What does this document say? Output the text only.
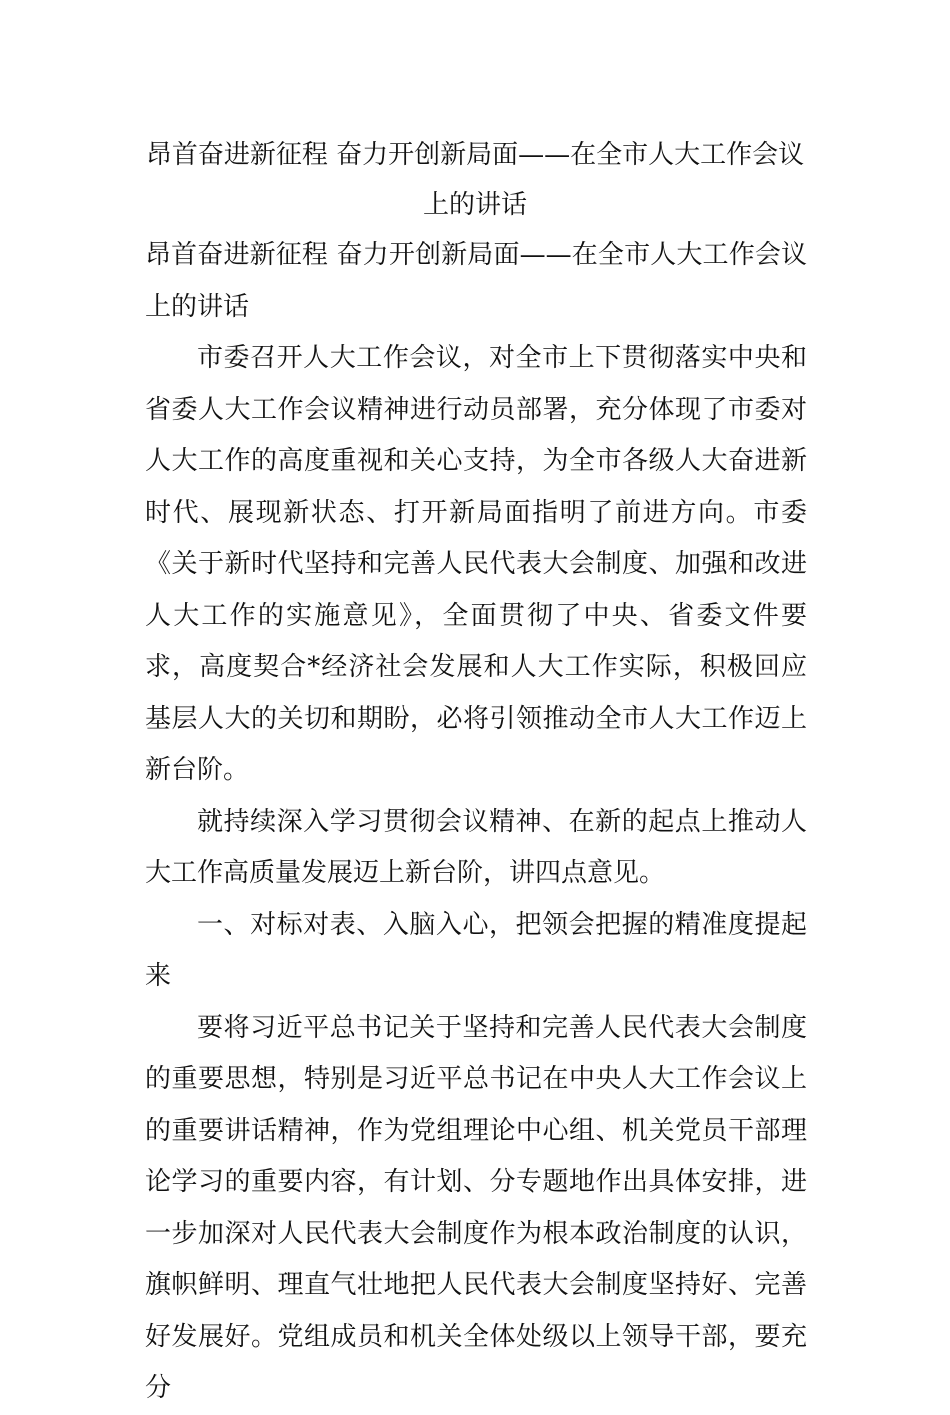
昂首奋进新征程 奋力开创新局面——在全市人大工作会议上的讲话

昂首奋进新征程 奋力开创新局面——在全市人大工作会议上的讲话

市委召开人大工作会议，对全市上下贯彻落实中央和省委人大工作会议精神进行动员部署，充分体现了市委对人大工作的高度重视和关心支持，为全市各级人大奋进新时代、展现新状态、打开新局面指明了前进方向。市委《关于新时代坚持和完善人民代表大会制度、加强和改进人大工作的实施意见》，全面贯彻了中央、省委文件要求，高度契合*经济社会发展和人大工作实际，积极回应基层人大的关切和期盼，必将引领推动全市人大工作迈上新台阶。

就持续深入学习贯彻会议精神、在新的起点上推动人大工作高质量发展迈上新台阶，讲四点意见。

一、对标对表、入脑入心，把领会把握的精准度提起来

要将习近平总书记关于坚持和完善人民代表大会制度的重要思想，特别是习近平总书记在中央人大工作会议上的重要讲话精神，作为党组理论中心组、机关党员干部理论学习的重要内容，有计划、分专题地作出具体安排，进一步加深对人民代表大会制度作为根本政治制度的认识，旗帜鲜明、理直气壮地把人民代表大会制度坚持好、完善好发展好。党组成员和机关全体处级以上领导干部，要充分
